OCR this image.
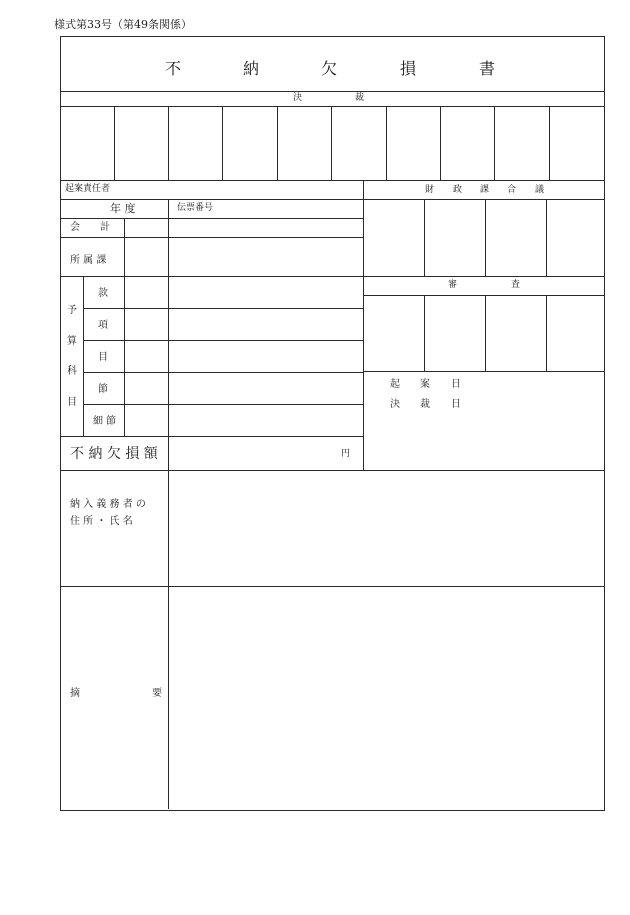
様式第33号（第49条関係）
不	納	欠	損	書
決	裁
起案責任者	財 政 課 合 議
審	査
起 案 日
決 裁 日
年 度	伝票番号
会 計
所 属 課
予
算
科
目
款
項
目
節
細 節
不 納 欠 損 額	円
納 入 義 務 者 の
住 所 ・ 氏 名
摘	要
